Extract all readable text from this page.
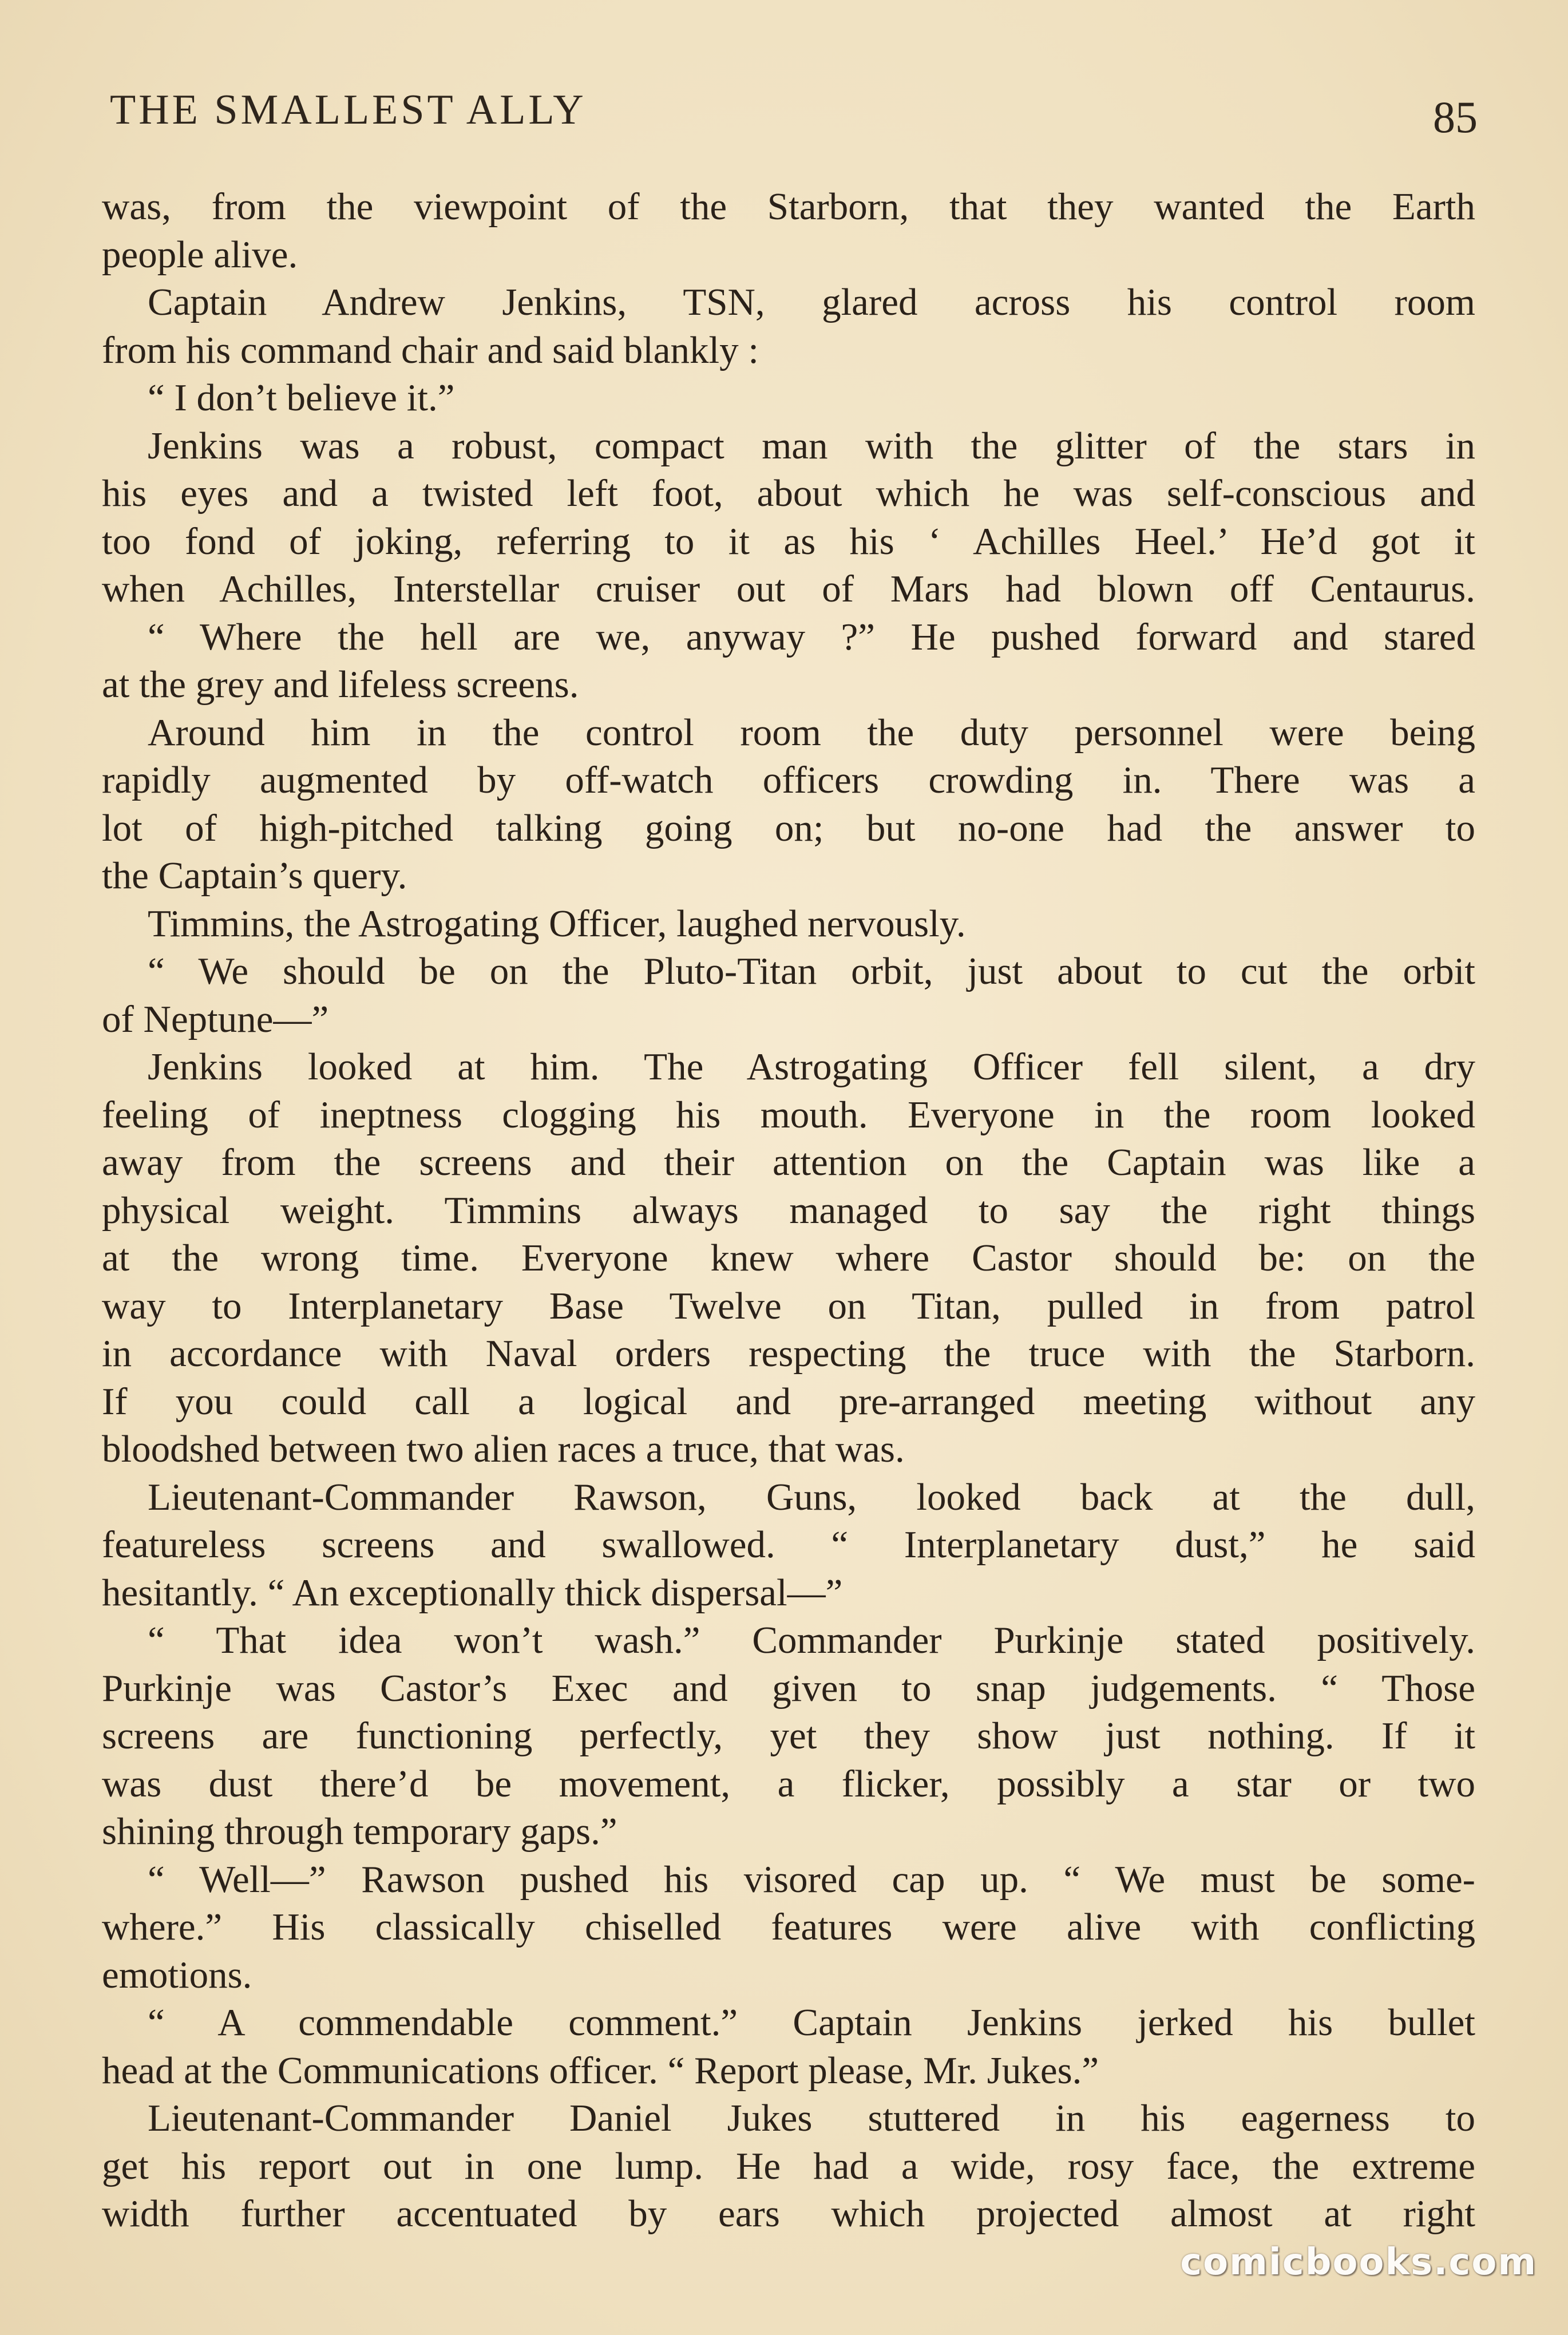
THE SMALLEST ALLY	85
was, from the viewpoint of the Starborn, that they wanted the Earth
people alive.
Captain Andrew Jenkins, TSN, glared across his control room
from his command chair and said blankly :
“ I don’t believe it.”
Jenkins was a robust, compact man with the glitter of the stars in
his eyes and a twisted left foot, about which he was self-conscious and
too fond of joking, referring to it as his ‘ Achilles Heel.’ He’d got it
when Achilles, Interstellar cruiser out of Mars had blown off Centaurus.
“ Where the hell are we, anyway ?” He pushed forward and stared
at the grey and lifeless screens.
Around him in the control room the duty personnel were being
rapidly augmented by off-watch officers crowding in. There was a
lot of high-pitched talking going on; but no-one had the answer to
the Captain’s query.
Timmins, the Astrogating Officer, laughed nervously.
“ We should be on the Pluto-Titan orbit, just about to cut the orbit
of Neptune—”
Jenkins looked at him. The Astrogating Officer fell silent, a dry
feeling of ineptness clogging his mouth. Everyone in the room looked
away from the screens and their attention on the Captain was like a
physical weight. Timmins always managed to say the right things
at the wrong time. Everyone knew where Castor should be: on the
way to Interplanetary Base Twelve on Titan, pulled in from patrol
in accordance with Naval orders respecting the truce with the Starborn.
If you could call a logical and pre-arranged meeting without any
bloodshed between two alien races a truce, that was.
Lieutenant-Commander Rawson, Guns, looked back at the dull,
featureless screens and swallowed. “ Interplanetary dust,” he said
hesitantly. “ An exceptionally thick dispersal—”
“ That idea won’t wash.” Commander Purkinje stated positively.
Purkinje was Castor’s Exec and given to snap judgements. “ Those
screens are functioning perfectly, yet they show just nothing. If it
was dust there’d be movement, a flicker, possibly a star or two
shining through temporary gaps.”
“ Well—” Rawson pushed his visored cap up. “ We must be some-
where.” His classically chiselled features were alive with conflicting
emotions.
“ A commendable comment.” Captain Jenkins jerked his bullet
head at the Communications officer. “ Report please, Mr. Jukes.”
Lieutenant-Commander Daniel Jukes stuttered in his eagerness to
get his report out in one lump. He had a wide, rosy face, the extreme
width further accentuated by ears which projected almost at right
comicbooks.com
